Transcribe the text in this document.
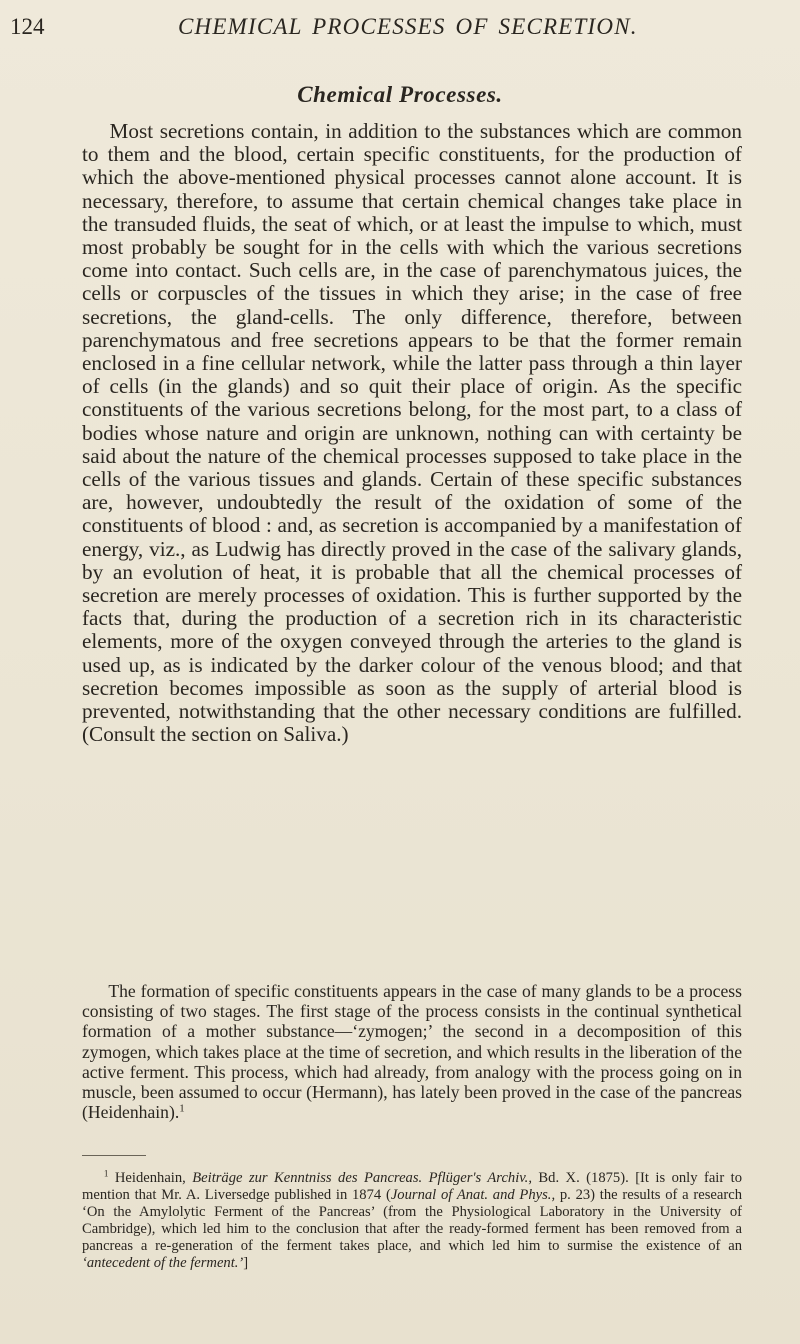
124	CHEMICAL PROCESSES OF SECRETION.
Chemical Processes.

Most secretions contain, in addition to the substances which are common to them and the blood, certain specific constituents, for the production of which the above-mentioned physical processes cannot alone account. It is necessary, therefore, to assume that certain chemical changes take place in the transuded fluids, the seat of which, or at least the impulse to which, must most probably be sought for in the cells with which the various secretions come into contact. Such cells are, in the case of parenchymatous juices, the cells or corpuscles of the tissues in which they arise; in the case of free secretions, the gland-cells. The only difference, therefore, between parenchymatous and free secretions appears to be that the former remain enclosed in a fine cellular network, while the latter pass through a thin layer of cells (in the glands) and so quit their place of origin. As the specific constituents of the various secretions belong, for the most part, to a class of bodies whose nature and origin are unknown, nothing can with certainty be said about the nature of the chemical processes supposed to take place in the cells of the various tissues and glands. Certain of these specific substances are, however, undoubtedly the result of the oxidation of some of the constituents of blood : and, as secretion is accompanied by a manifestation of energy, viz., as Ludwig has directly proved in the case of the salivary glands, by an evolution of heat, it is probable that all the chemical processes of secretion are merely processes of oxidation. This is further supported by the facts that, during the production of a secretion rich in its characteristic elements, more of the oxygen conveyed through the arteries to the gland is used up, as is indicated by the darker colour of the venous blood; and that secretion becomes impossible as soon as the supply of arterial blood is prevented, notwithstanding that the other necessary conditions are fulfilled. (Consult the section on Saliva.)

The formation of specific constituents appears in the case of many glands to be a process consisting of two stages. The first stage of the process consists in the continual synthetical formation of a mother substance—‘zymogen;’ the second in a decomposition of this zymogen, which takes place at the time of secretion, and which results in the liberation of the active ferment. This process, which had already, from analogy with the process going on in muscle, been assumed to occur (Hermann), has lately been proved in the case of the pancreas (Heidenhain).$^1$

$^1$ Heidenhain, Beiträge zur Kenntniss des Pancreas. Pflüger's Archiv., Bd. X. (1875). [It is only fair to mention that Mr. A. Liversedge published in 1874 (Journal of Anat. and Phys., p. 23) the results of a research ‘On the Amylolytic Ferment of the Pancreas’ (from the Physiological Laboratory in the University of Cambridge), which led him to the conclusion that after the ready-formed ferment has been removed from a pancreas a re-generation of the ferment takes place, and which led him to surmise the existence of an ‘antecedent of the ferment.’]
